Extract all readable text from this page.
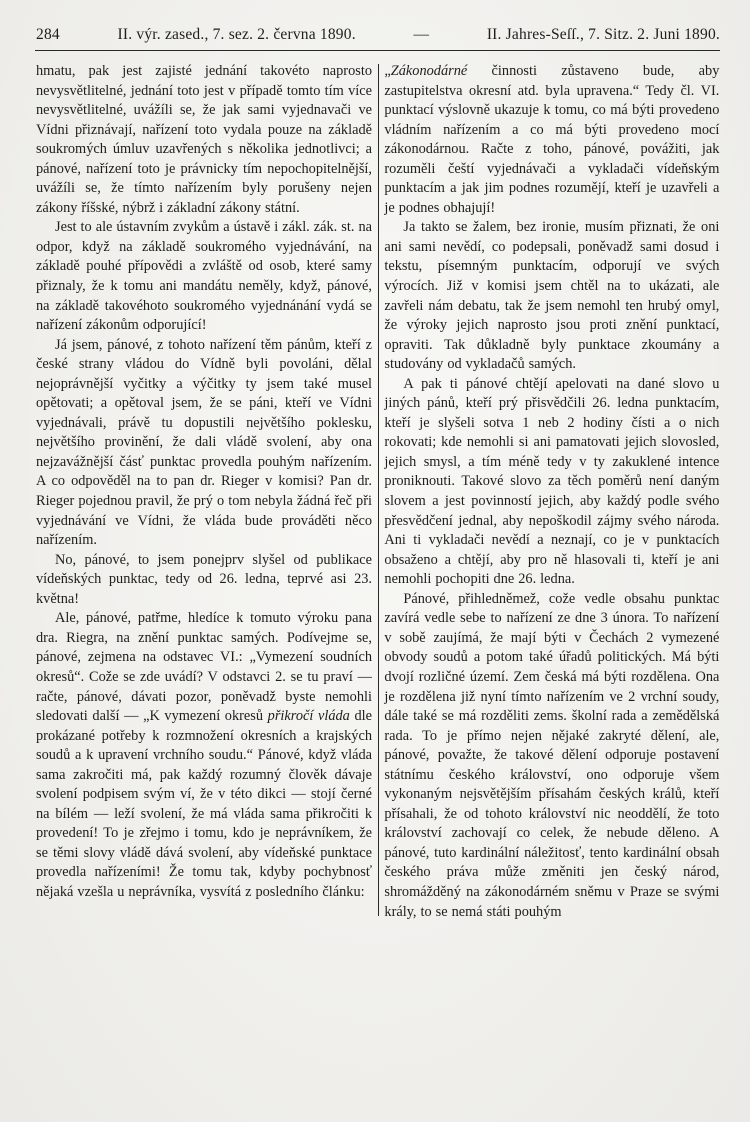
284	II. výr. zased., 7. sez. 2. června 1890.	—	II. Jahres-Seſſ., 7. Sitz. 2. Juni 1890.

hmatu, pak jest zajisté jednání takovéto naprosto nevysvětlitelné, jednání toto jest v případě tomto tím více nevysvětlitelné, uvážíli se, že jak sami vyjednavači ve Vídni přiznávají, nařízení toto vydala pouze na základě soukromých úmluv uzavřených s několika jednotlivci; a pánové, nařízení toto je právnicky tím nepochopitelnější, uvážíli se, že tímto nařízením byly porušeny nejen zákony říšské, nýbrž i základní zákony státní.

Jest to ale ústavním zvykům a ústavě i zákl. zák. st. na odpor, když na základě soukromého vyjednávání, na základě pouhé přípovědi a zvláště od osob, které samy přiznaly, že k tomu ani mandátu neměly, když, pánové, na základě takovéhoto soukromého vyjednánání vydá se nařízení zákonům odporující!

Já jsem, pánové, z tohoto nařízení těm pánům, kteří z české strany vládou do Vídně byli povoláni, dělal nejoprávnější vyčitky a výčitky ty jsem také musel opětovati; a opětoval jsem, že se páni, kteří ve Vídni vyjednávali, právě tu dopustili největšího poklesku, největšího provinění, že dali vládě svolení, aby ona nejzavážnější čásť punktac provedla pouhým nařízením. A co odpověděl na to pan dr. Rieger v komisi? Pan dr. Rieger pojednou pravil, že prý o tom nebyla žádná řeč při vyjednávání ve Vídni, že vláda bude prováděti něco nařízením.

No, pánové, to jsem ponejprv slyšel od publikace vídeňských punktac, tedy od 26. ledna, teprvé asi 23. května!

Ale, pánové, patřme, hledíce k tomuto výroku pana dra. Riegra, na znění punktac samých. Podívejme se, pánové, zejmena na odstavec VI.: „Vymezení soudních okresů“. Cože se zde uvádí? V odstavci 2. se tu praví — račte, pánové, dávati pozor, poněvadž byste nemohli sledovati další — „K vymezení okresů přikročí vláda dle prokázané potřeby k rozmnožení okresních a krajských soudů a k upravení vrchního soudu.“ Pánové, když vláda sama zakročiti má, pak každý rozumný člověk dávaje svolení podpisem svým ví, že v této dikci — stojí černé na bílém — leží svolení, že má vláda sama přikročiti k provedení! To je zřejmo i tomu, kdo je neprávníkem, že se těmi slovy vládě dává svolení, aby vídeňské punktace provedla nařízeními! Že tomu tak, kdyby pochybnosť nějaká vzešla u neprávníka, vysvítá z posledního článku:

„Zákonodárné činnosti zůstaveno bude, aby zastupitelstva okresní atd. byla upravena.“ Tedy čl. VI. punktací výslovně ukazuje k tomu, co má býti provedeno vládním nařízením a co má býti provedeno mocí zákonodárnou. Račte z toho, pánové, povážiti, jak rozuměli čeští vyjednávači a vykladači vídeňským punktacím a jak jim podnes rozumějí, kteří je uzavřeli a je podnes obhajují!

Ja takto se žalem, bez ironie, musím přiznati, že oni ani sami nevědí, co podepsali, poněvadž sami dosud i tekstu, písemným punktacím, odporují ve svých výrocích. Již v komisi jsem chtěl na to ukázati, ale zavřeli nám debatu, tak že jsem nemohl ten hrubý omyl, že výroky jejich naprosto jsou proti znění punktací, opraviti. Tak důkladně byly punktace zkoumány a studovány od vykladačů samých.

A pak ti pánové chtějí apelovati na dané slovo u jiných pánů, kteří prý přisvědčili 26. ledna punktacím, kteří je slyšeli sotva 1 neb 2 hodiny čísti a o nich rokovati; kde nemohli si ani pamatovati jejich slovosled, jejich smysl, a tím méně tedy v ty zakuklené intence proniknouti. Takové slovo za těch poměrů není daným slovem a jest povinností jejich, aby každý podle svého přesvědčení jednal, aby nepoškodil zájmy svého národa. Ani ti vykladači nevědí a neznají, co je v punktacích obsaženo a chtějí, aby pro ně hlasovali ti, kteří je ani nemohli pochopiti dne 26. ledna.

Pánové, přihledněmež, cože vedle obsahu punktac zavírá vedle sebe to nařízení ze dne 3 února. To nařízení v sobě zaujímá, že mají býti v Čechách 2 vymezené obvody soudů a potom také úřadů politických. Má býti dvojí rozličné území. Zem česká má býti rozdělena. Ona je rozdělena již nyní tímto nařízením ve 2 vrchní soudy, dále také se má rozděliti zems. školní rada a zemědělská rada. To je přímo nejen nějaké zakryté dělení, ale, pánové, považte, že takové dělení odporuje postavení státnímu českého království, ono odporuje všem vykonaným nejsvětějším přísahám českých králů, kteří přísahali, že od tohoto království nic neoddělí, že toto království zachovají co celek, že nebude děleno. A pánové, tuto kardinální náležitosť, tento kardinální obsah českého práva může změniti jen český národ, shromážděný na zákonodárném sněmu v Praze se svými krály, to se nemá státi pouhým
